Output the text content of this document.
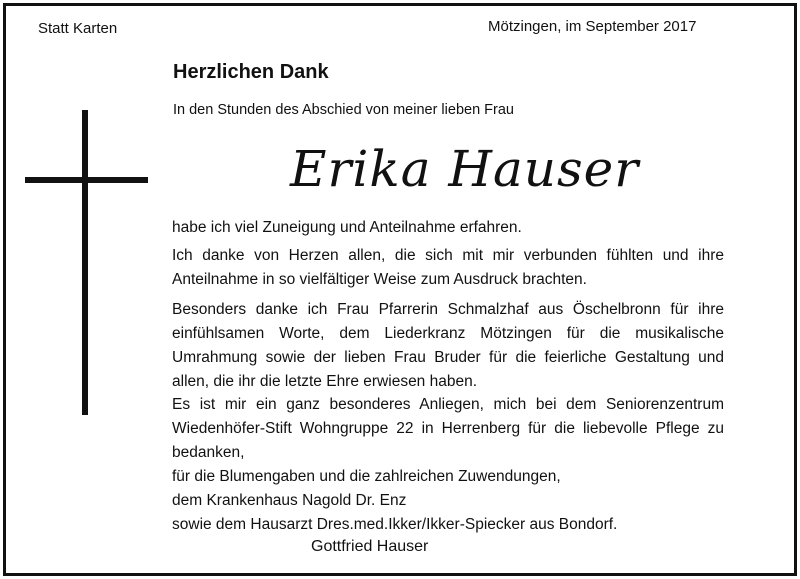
Statt Karten	Mötzingen, im September 2017
Herzlichen Dank
In den Stunden des Abschied von meiner lieben Frau
Erika Hauser
habe ich viel Zuneigung und Anteilnahme erfahren.
Ich danke von Herzen allen, die sich mit mir verbunden fühlten und ihre Anteilnahme in so vielfältiger Weise zum Ausdruck brachten.
Besonders danke ich Frau Pfarrerin Schmalzhaf aus Öschelbronn für ihre einfühlsamen Worte, dem Liederkranz Mötzingen für die musikalische Umrahmung sowie der lieben Frau Bruder für die feierliche Gestaltung und allen, die ihr die letzte Ehre erwiesen haben.
Es ist mir ein ganz besonderes Anliegen, mich bei dem Seniorenzentrum Wiedenhöfer-Stift Wohngruppe 22 in Herrenberg für die liebevolle Pflege zu bedanken,
für die Blumengaben und die zahlreichen Zuwendungen,
dem Krankenhaus Nagold Dr. Enz
sowie dem Hausarzt Dres.med.Ikker/Ikker-Spiecker aus Bondorf.
Gottfried Hauser
